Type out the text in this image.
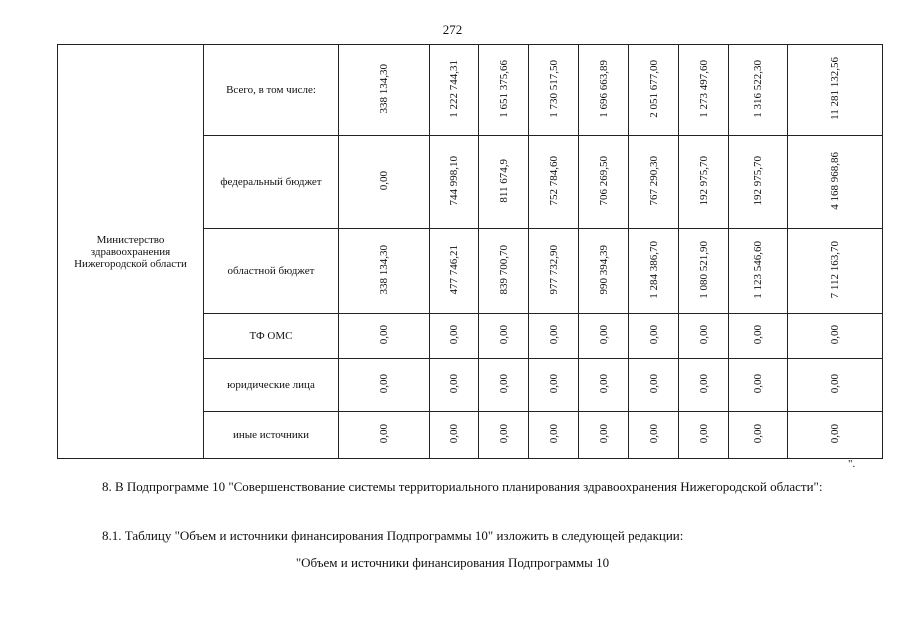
272
Министерство здравоохранения Нижегородской области	Всего, в том числе:	338 134,30	1 222 744,31	1 651 375,66	1 730 517,50	1 696 663,89	2 051 677,00	1 273 497,60	1 316 522,30	11 281 132,56
	федеральный бюджет	0,00	744 998,10	811 674,9	752 784,60	706 269,50	767 290,30	192 975,70	192 975,70	4 168 968,86
	областной бюджет	338 134,30	477 746,21	839 700,70	977 732,90	990 394,39	1 284 386,70	1 080 521,90	1 123 546,60	7 112 163,70
	ТФ ОМС	0,00	0,00	0,00	0,00	0,00	0,00	0,00	0,00	0,00
	юридические лица	0,00	0,00	0,00	0,00	0,00	0,00	0,00	0,00	0,00
	иные источники	0,00	0,00	0,00	0,00	0,00	0,00	0,00	0,00	0,00
".
8. В Подпрограмме 10 "Совершенствование системы территориального планирования здравоохранения Нижегородской области":
8.1. Таблицу "Объем и источники финансирования Подпрограммы 10" изложить в следующей редакции:
"Объем и источники финансирования Подпрограммы 10
